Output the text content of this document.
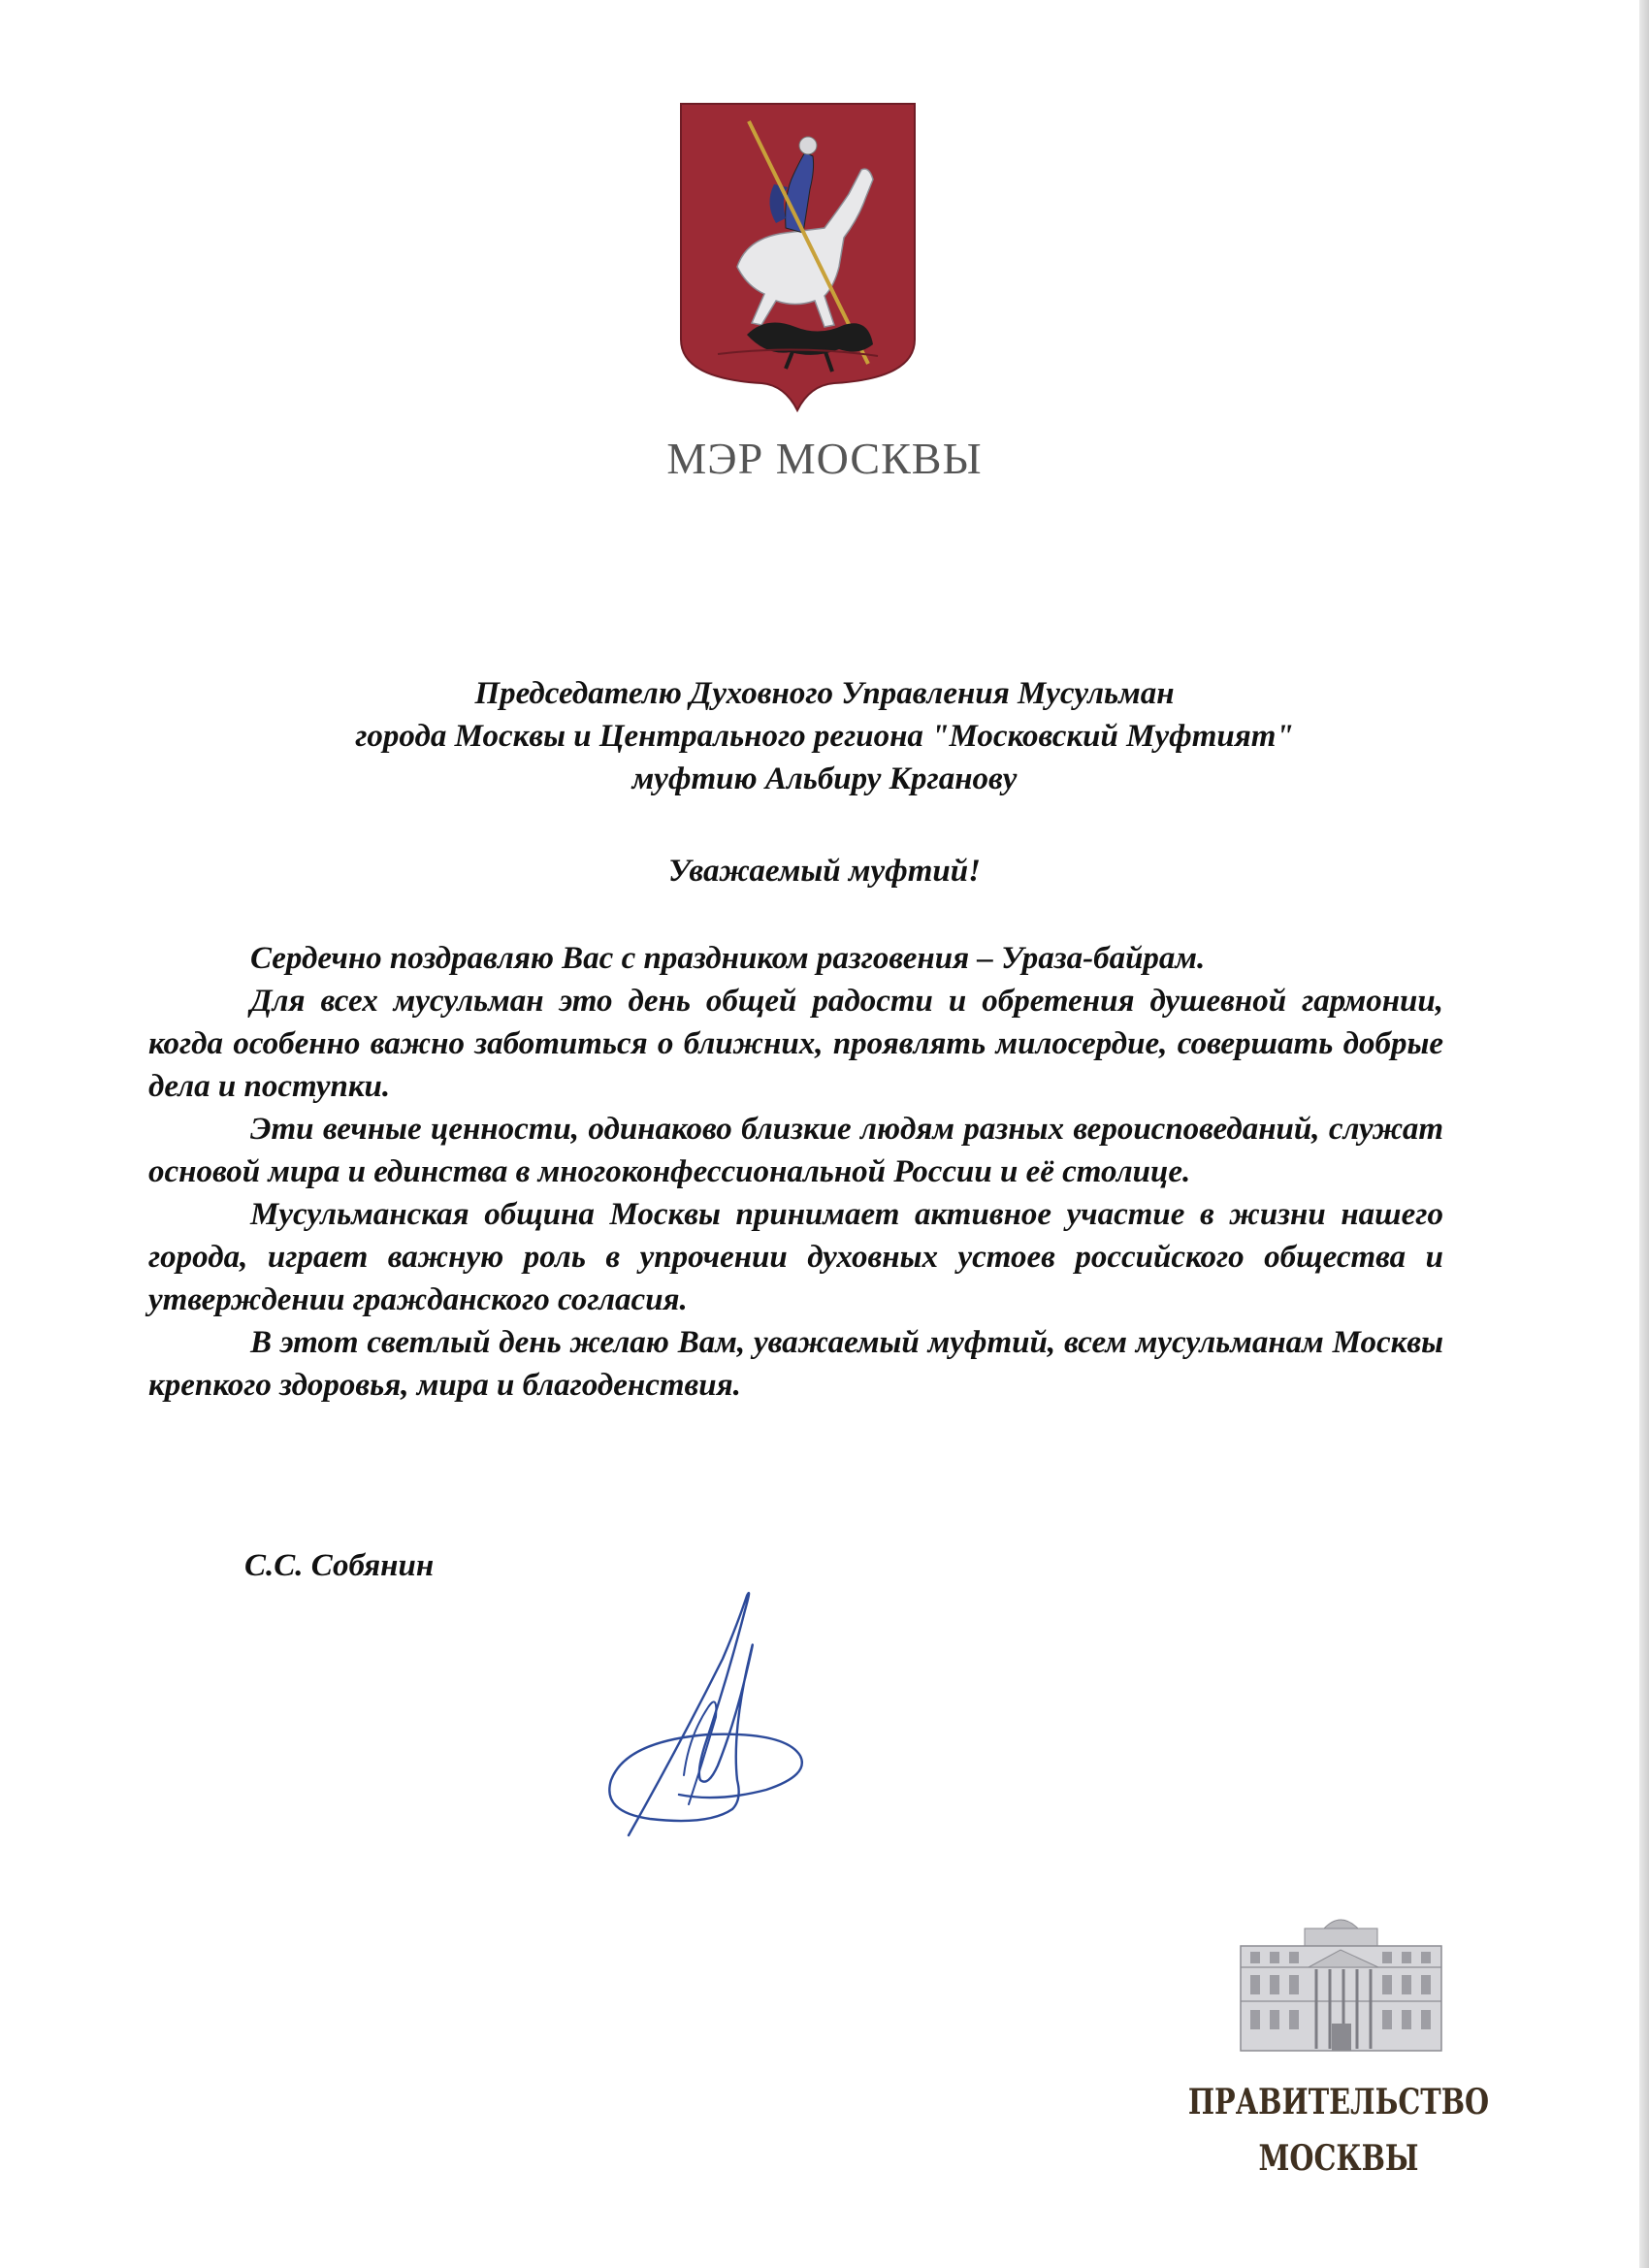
МЭР МОСКВЫ
Председателю Духовного Управления Мусульман
города Москвы и Центрального региона "Московский Муфтият"
муфтию Альбиру Крганову
Уважаемый муфтий!

Сердечно поздравляю Вас с праздником разговения – Ураза-байрам.

Для всех мусульман это день общей радости и обретения душевной гармонии, когда особенно важно заботиться о ближних, проявлять милосердие, совершать добрые дела и поступки.

Эти вечные ценности, одинаково близкие людям разных вероисповеданий, служат основой мира и единства в многоконфессиональной России и её столице.

Мусульманская община Москвы принимает активное участие в жизни нашего города, играет важную роль в упрочении духовных устоев российского общества и утверждении гражданского согласия.

В этот светлый день желаю Вам, уважаемый муфтий, всем мусульманам Москвы крепкого здоровья, мира и благоденствия.

С.С. Собянин
ПРАВИТЕЛЬСТВО
МОСКВЫ
